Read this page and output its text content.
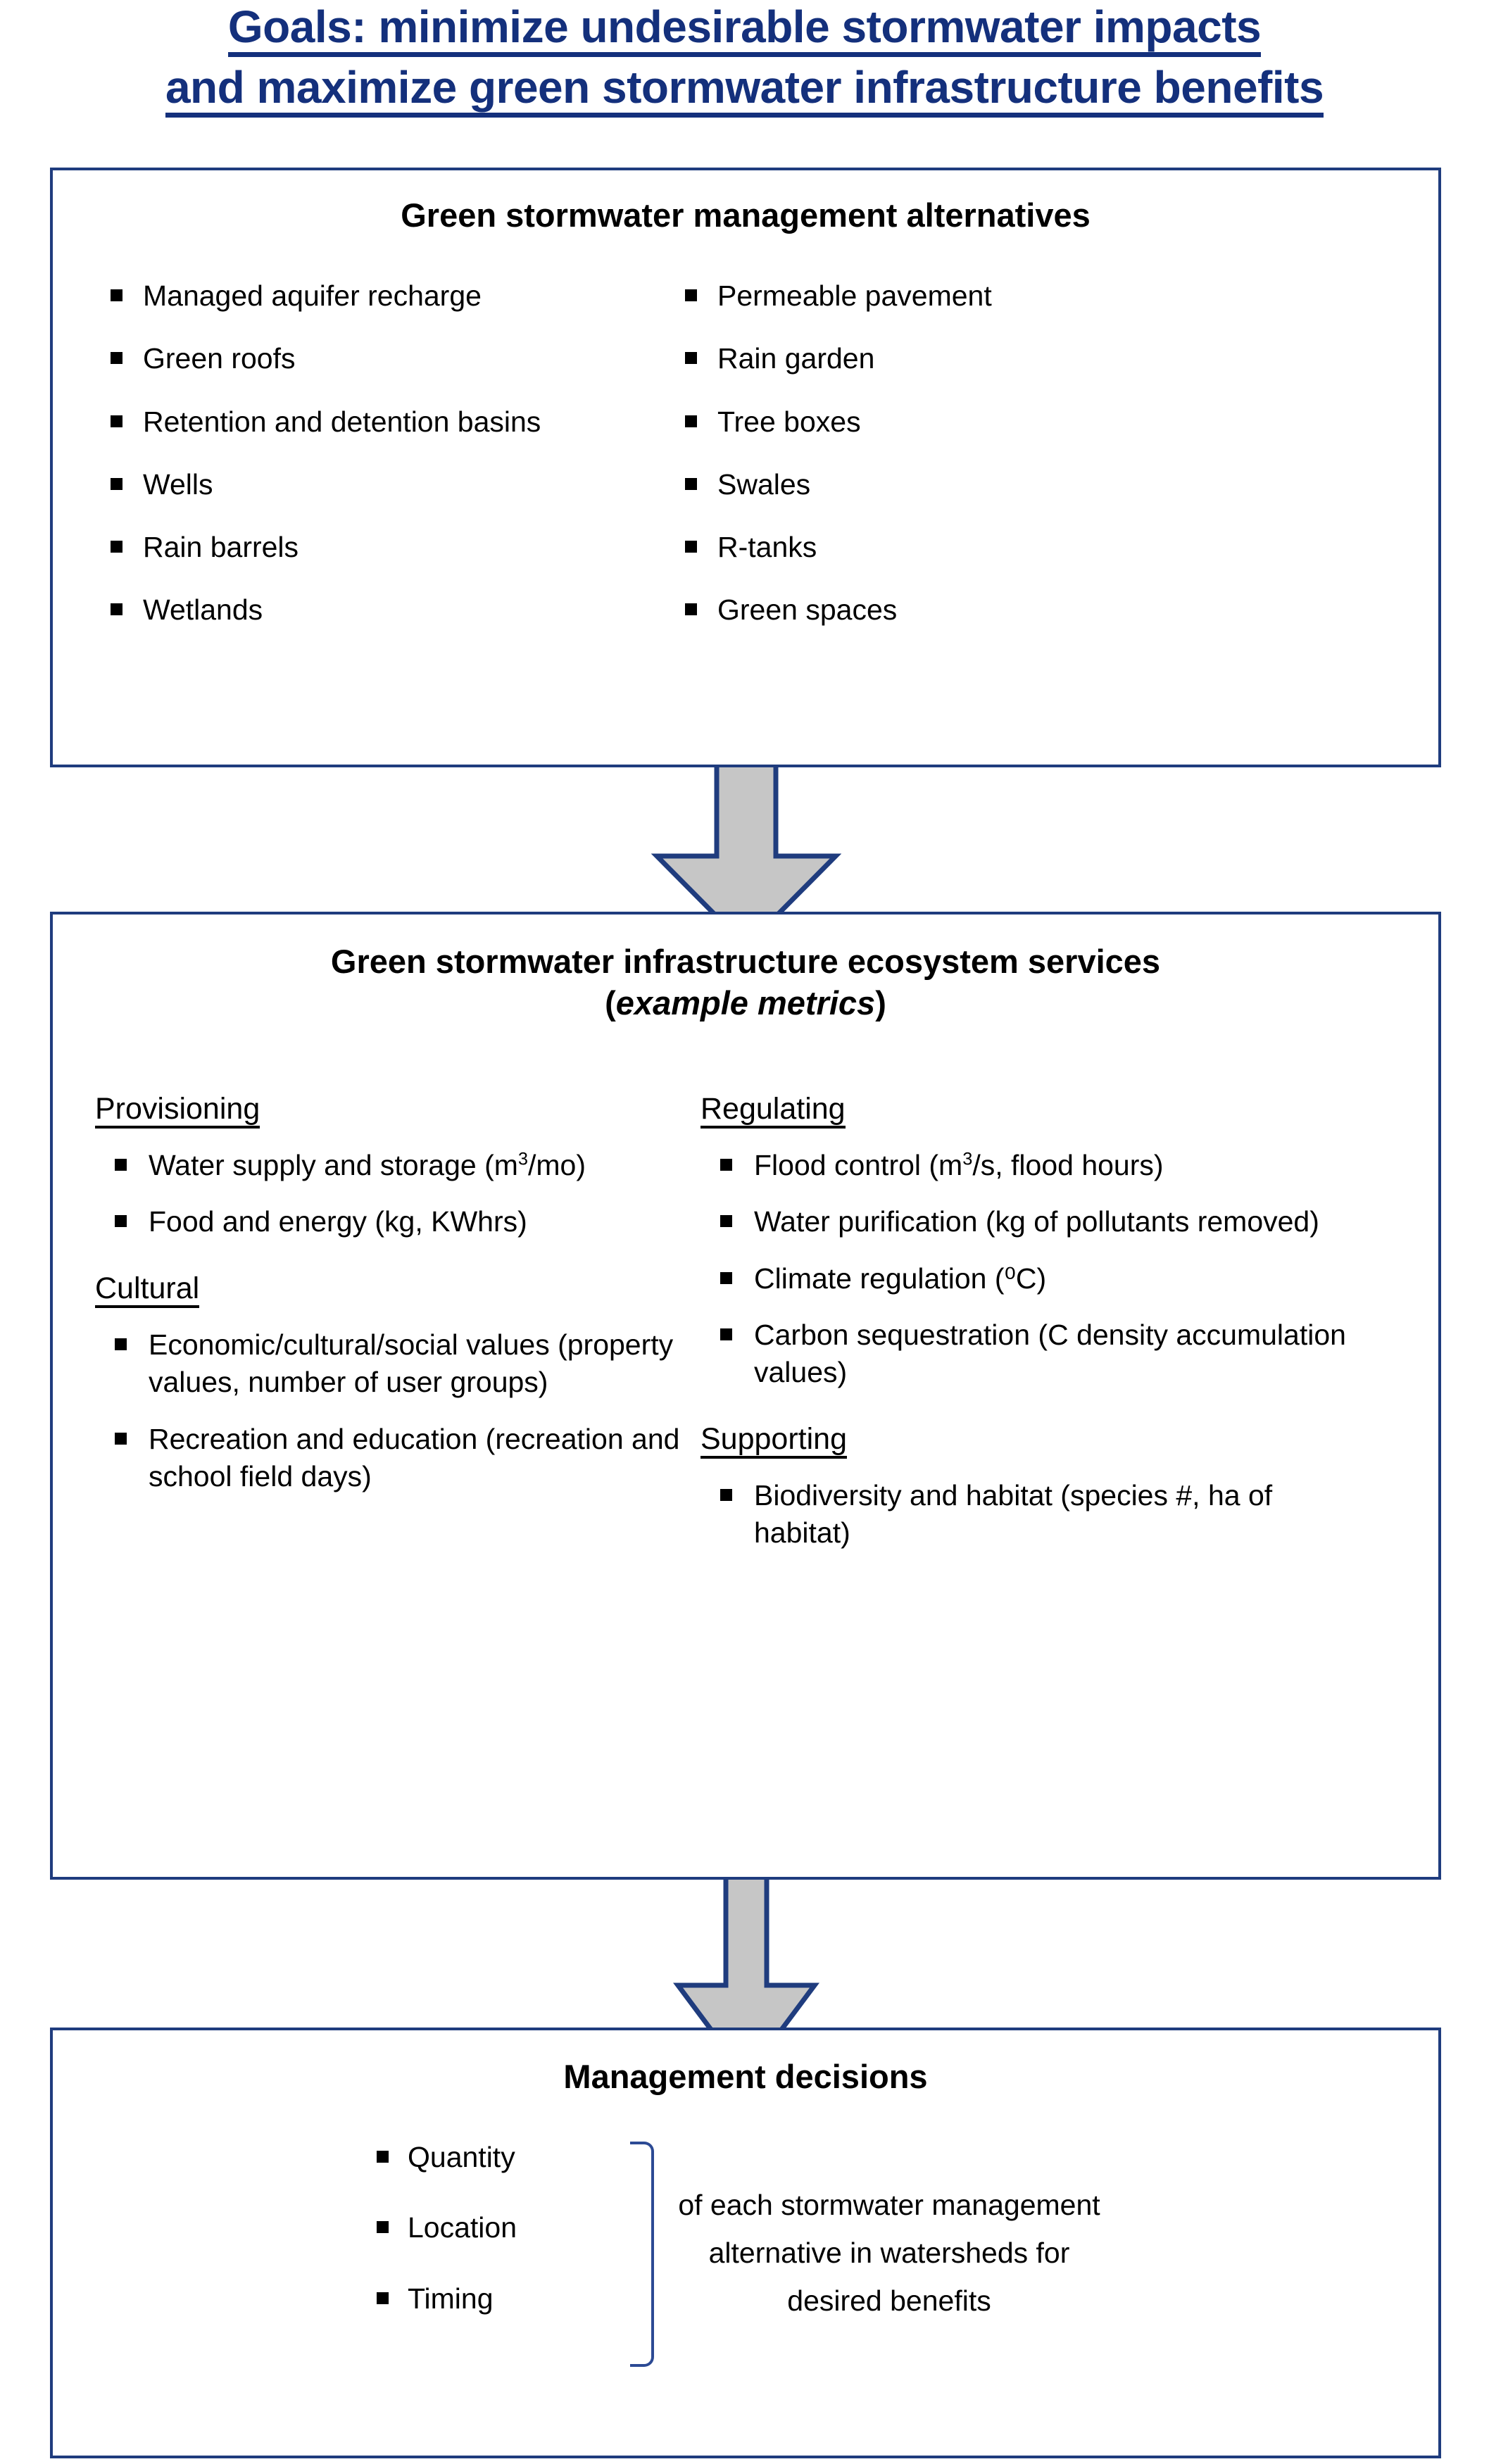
Goals: minimize undesirable stormwater impacts
and maximize green stormwater infrastructure benefits
Green stormwater management alternatives
Managed aquifer recharge
Green roofs
Retention and detention basins
Wells
Rain barrels
Wetlands
Permeable pavement
Rain garden
Tree boxes
Swales
R-tanks
Green spaces
Green stormwater infrastructure ecosystem services
(example metrics)
Provisioning
Water supply and storage $(m^3/mo)$
Food and energy (kg, KWhrs)
Cultural
Economic/cultural/social values (property values, number of user groups)
Recreation and education (recreation and school field days)
Regulating
Flood control ($m^3/s$, flood hours)
Water purification (kg of pollutants removed)
Climate regulation (⁰C)
Carbon sequestration (C density accumulation values)
Supporting
Biodiversity and habitat (species #, ha of habitat)
Management decisions
Quantity
Location
Timing
of each stormwater management alternative in watersheds for desired benefits
